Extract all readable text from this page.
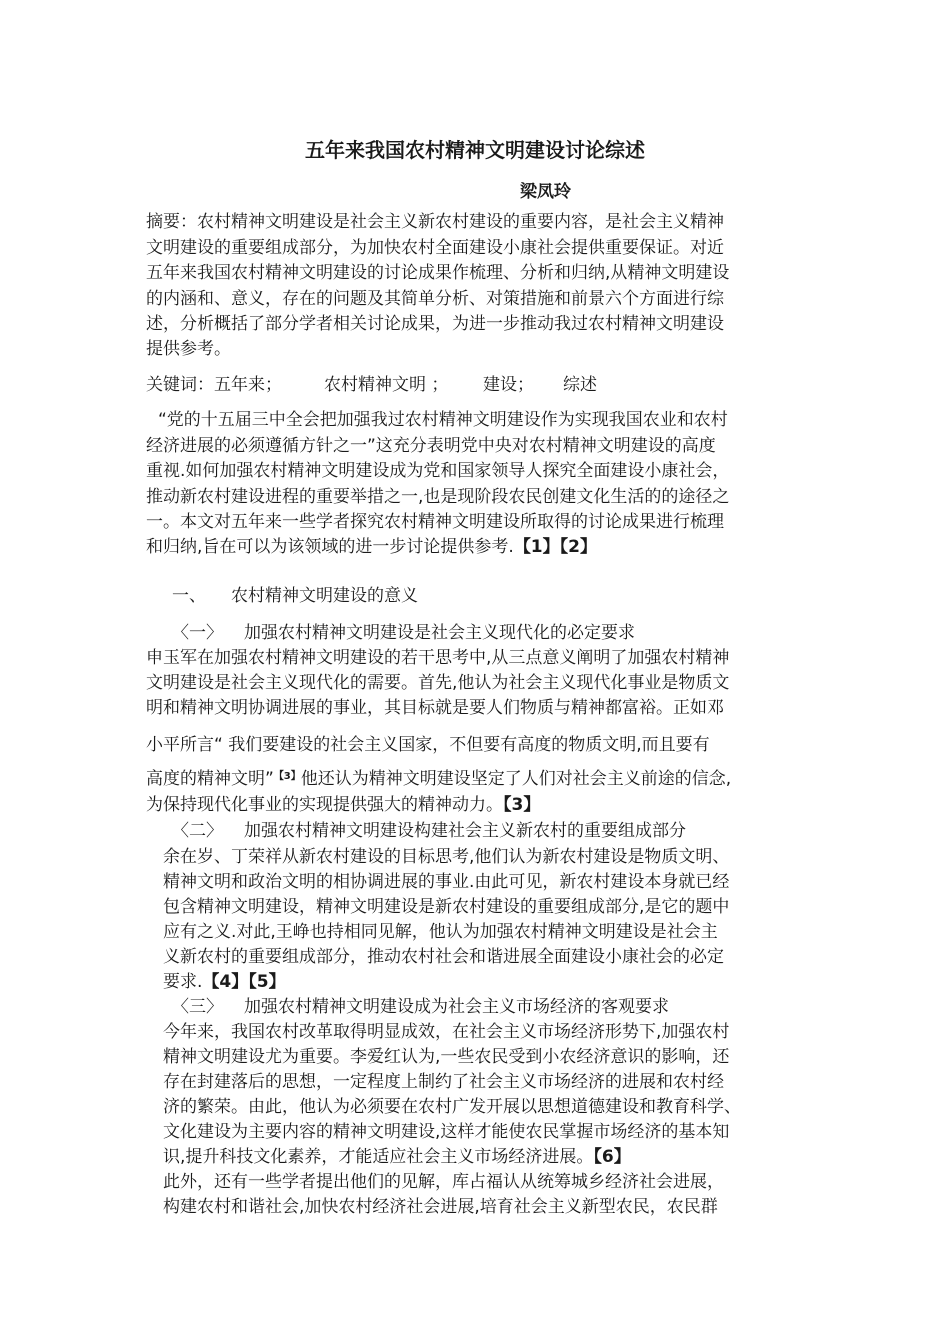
五年来我国农村精神文明建设讨论综述
梁凤玲
摘要：农村精神文明建设是社会主义新农村建设的重要内容，是社会主义精神
文明建设的重要组成部分，为加快农村全面建设小康社会提供重要保证。对近
五年来我国农村精神文明建设的讨论成果作梳理、分析和归纳,从精神文明建设
的内涵和、意义，存在的问题及其简单分析、对策措施和前景六个方面进行综
述，分析概括了部分学者相关讨论成果，为进一步推动我过农村精神文明建设
提供参考。
关键词：五年来； 农村精神文明 ； 建设； 综述
“党的十五届三中全会把加强我过农村精神文明建设作为实现我国农业和农村
经济进展的必须遵循方针之一”这充分表明党中央对农村精神文明建设的高度
重视.如何加强农村精神文明建设成为党和国家领导人探究全面建设小康社会，
推动新农村建设进程的重要举措之一,也是现阶段农民创建文化生活的的途径之
一。本文对五年来一些学者探究农村精神文明建设所取得的讨论成果进行梳理
和归纳,旨在可以为该领域的进一步讨论提供参考.【1】【2】
一、 农村精神文明建设的意义
〈一〉 加强农村精神文明建设是社会主义现代化的必定要求
申玉军在加强农村精神文明建设的若干思考中,从三点意义阐明了加强农村精神
文明建设是社会主义现代化的需要。首先,他认为社会主义现代化事业是物质文
明和精神文明协调进展的事业，其目标就是要人们物质与精神都富裕。正如邓
小平所言“ 我们要建设的社会主义国家，不但要有高度的物质文明,而且要有
高度的精神文明”$^{【3】}$他还认为精神文明建设坚定了人们对社会主义前途的信念,
为保持现代化事业的实现提供强大的精神动力。【3】
〈二〉 加强农村精神文明建设构建社会主义新农村的重要组成部分
余在岁、丁荣祥从新农村建设的目标思考,他们认为新农村建设是物质文明、
精神文明和政治文明的相协调进展的事业.由此可见，新农村建设本身就已经
包含精神文明建设，精神文明建设是新农村建设的重要组成部分,是它的题中
应有之义.对此,王峥也持相同见解，他认为加强农村精神文明建设是社会主
义新农村的重要组成部分，推动农村社会和谐进展全面建设小康社会的必定
要求.【4】【5】
〈三〉 加强农村精神文明建设成为社会主义市场经济的客观要求
今年来，我国农村改革取得明显成效，在社会主义市场经济形势下,加强农村
精神文明建设尤为重要。李爱红认为,一些农民受到小农经济意识的影响，还
存在封建落后的思想，一定程度上制约了社会主义市场经济的进展和农村经
济的繁荣。由此，他认为必须要在农村广发开展以思想道德建设和教育科学、
文化建设为主要内容的精神文明建设,这样才能使农民掌握市场经济的基本知
识,提升科技文化素养，才能适应社会主义市场经济进展。【6】
此外，还有一些学者提出他们的见解，库占福认从统筹城乡经济社会进展，
构建农村和谐社会,加快农村经济社会进展,培育社会主义新型农民，农民群
